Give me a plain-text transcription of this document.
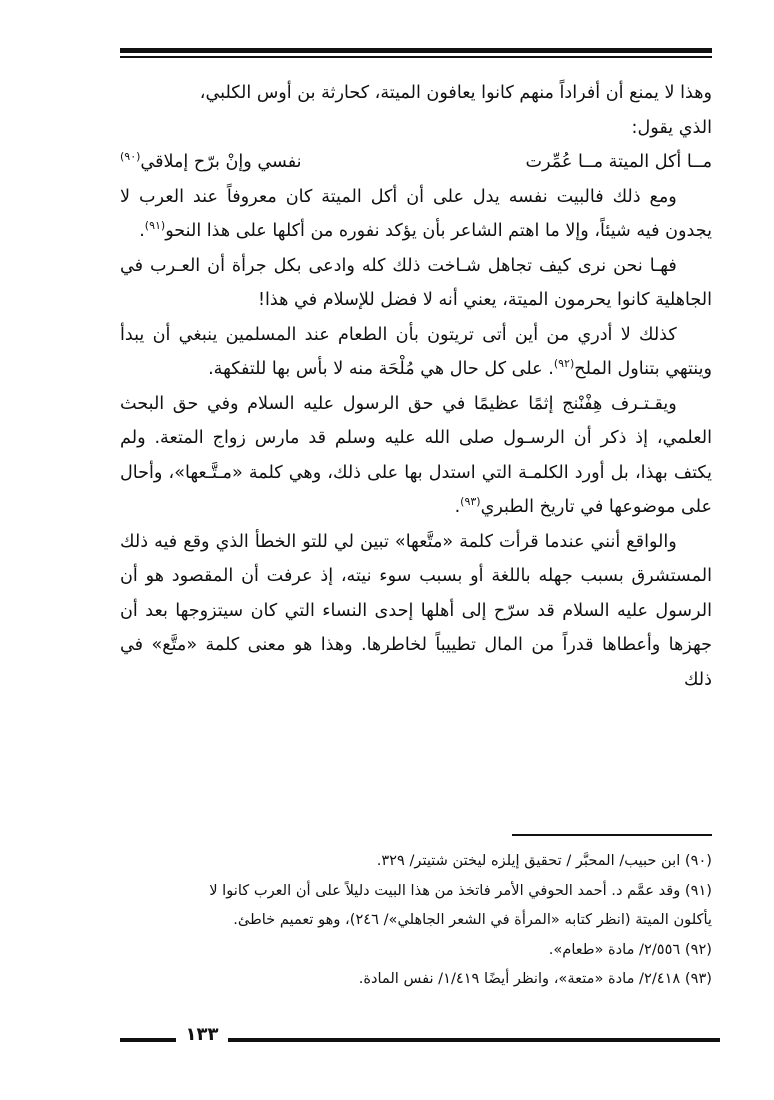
وهذا لا يمنع أن أفراداً منهم كانوا يعافون الميتة، كحارثة بن أوس الكلبي،

الذي يقول:

مــا أكل الميتة مــا عُمِّرت
نفسي وإنْ برّح إملاقي$^{(٩٠)}$

ومع ذلك فالبيت نفسه يدل على أن أكل الميتة كان معروفاً عند العرب لا يجدون فيه شيئاً، وإلا ما اهتم الشاعر بأن يؤكد نفوره من أكلها على هذا النحو$^{(٩١)}$.

فهـا نحن نرى كيف تجاهل شـاخت ذلك كله وادعى بكل جرأة أن العـرب في الجاهلية كانوا يحرمون الميتة، يعني أنه لا فضل للإسلام في هذا!

كذلك لا أدري من أين أتى تريتون بأن الطعام عند المسلمين ينبغي أن يبدأ وينتهي بتناول الملح$^{(٩٢)}$. على كل حال هي مُلْحَة منه لا بأس بها للتفكهة.

ويقـتـرف هِفْنْنج إثمًا عظيمًا في حق الرسول عليه السلام وفي حق البحث العلمي، إذ ذكر أن الرسـول صلى الله عليه وسلم قد مارس زواج المتعة. ولم يكتف بهذا، بل أورد الكلمـة التي استدل بها على ذلك، وهي كلمة «مـتَّـعها»، وأحال على موضوعها في تاريخ الطبري$^{(٩٣)}$.

والواقع أنني عندما قرأت كلمة «متَّعها» تبين لي للتو الخطأ الذي وقع فيه ذلك المستشرق بسبب جهله باللغة أو بسبب سوء نيته، إذ عرفت أن المقصود هو أن الرسول عليه السلام قد سرّح إلى أهلها إحدى النساء التي كان سيتزوجها بعد أن جهزها وأعطاها قدراً من المال تطييباً لخاطرها. وهذا هو معنى كلمة «متَّع» في ذلك

(٩٠) ابن حبيب/ المحبَّر / تحقيق إيلزه ليختن شتيتر/ ٣٢٩.

(٩١) وقد عمَّم د. أحمد الحوفي الأمر فاتخذ من هذا البيت دليلاً على أن العرب كانوا لا

يأكلون الميتة (انظر كتابه «المرأة في الشعر الجاهلي»/ ٢٤٦)، وهو تعميم خاطئ.

(٩٢) ٢/٥٥٦/ مادة «طعام».

(٩٣) ٢/٤١٨/ مادة «متعة»، وانظر أيضًا ١/٤١٩/ نفس المادة.

١٣٣
